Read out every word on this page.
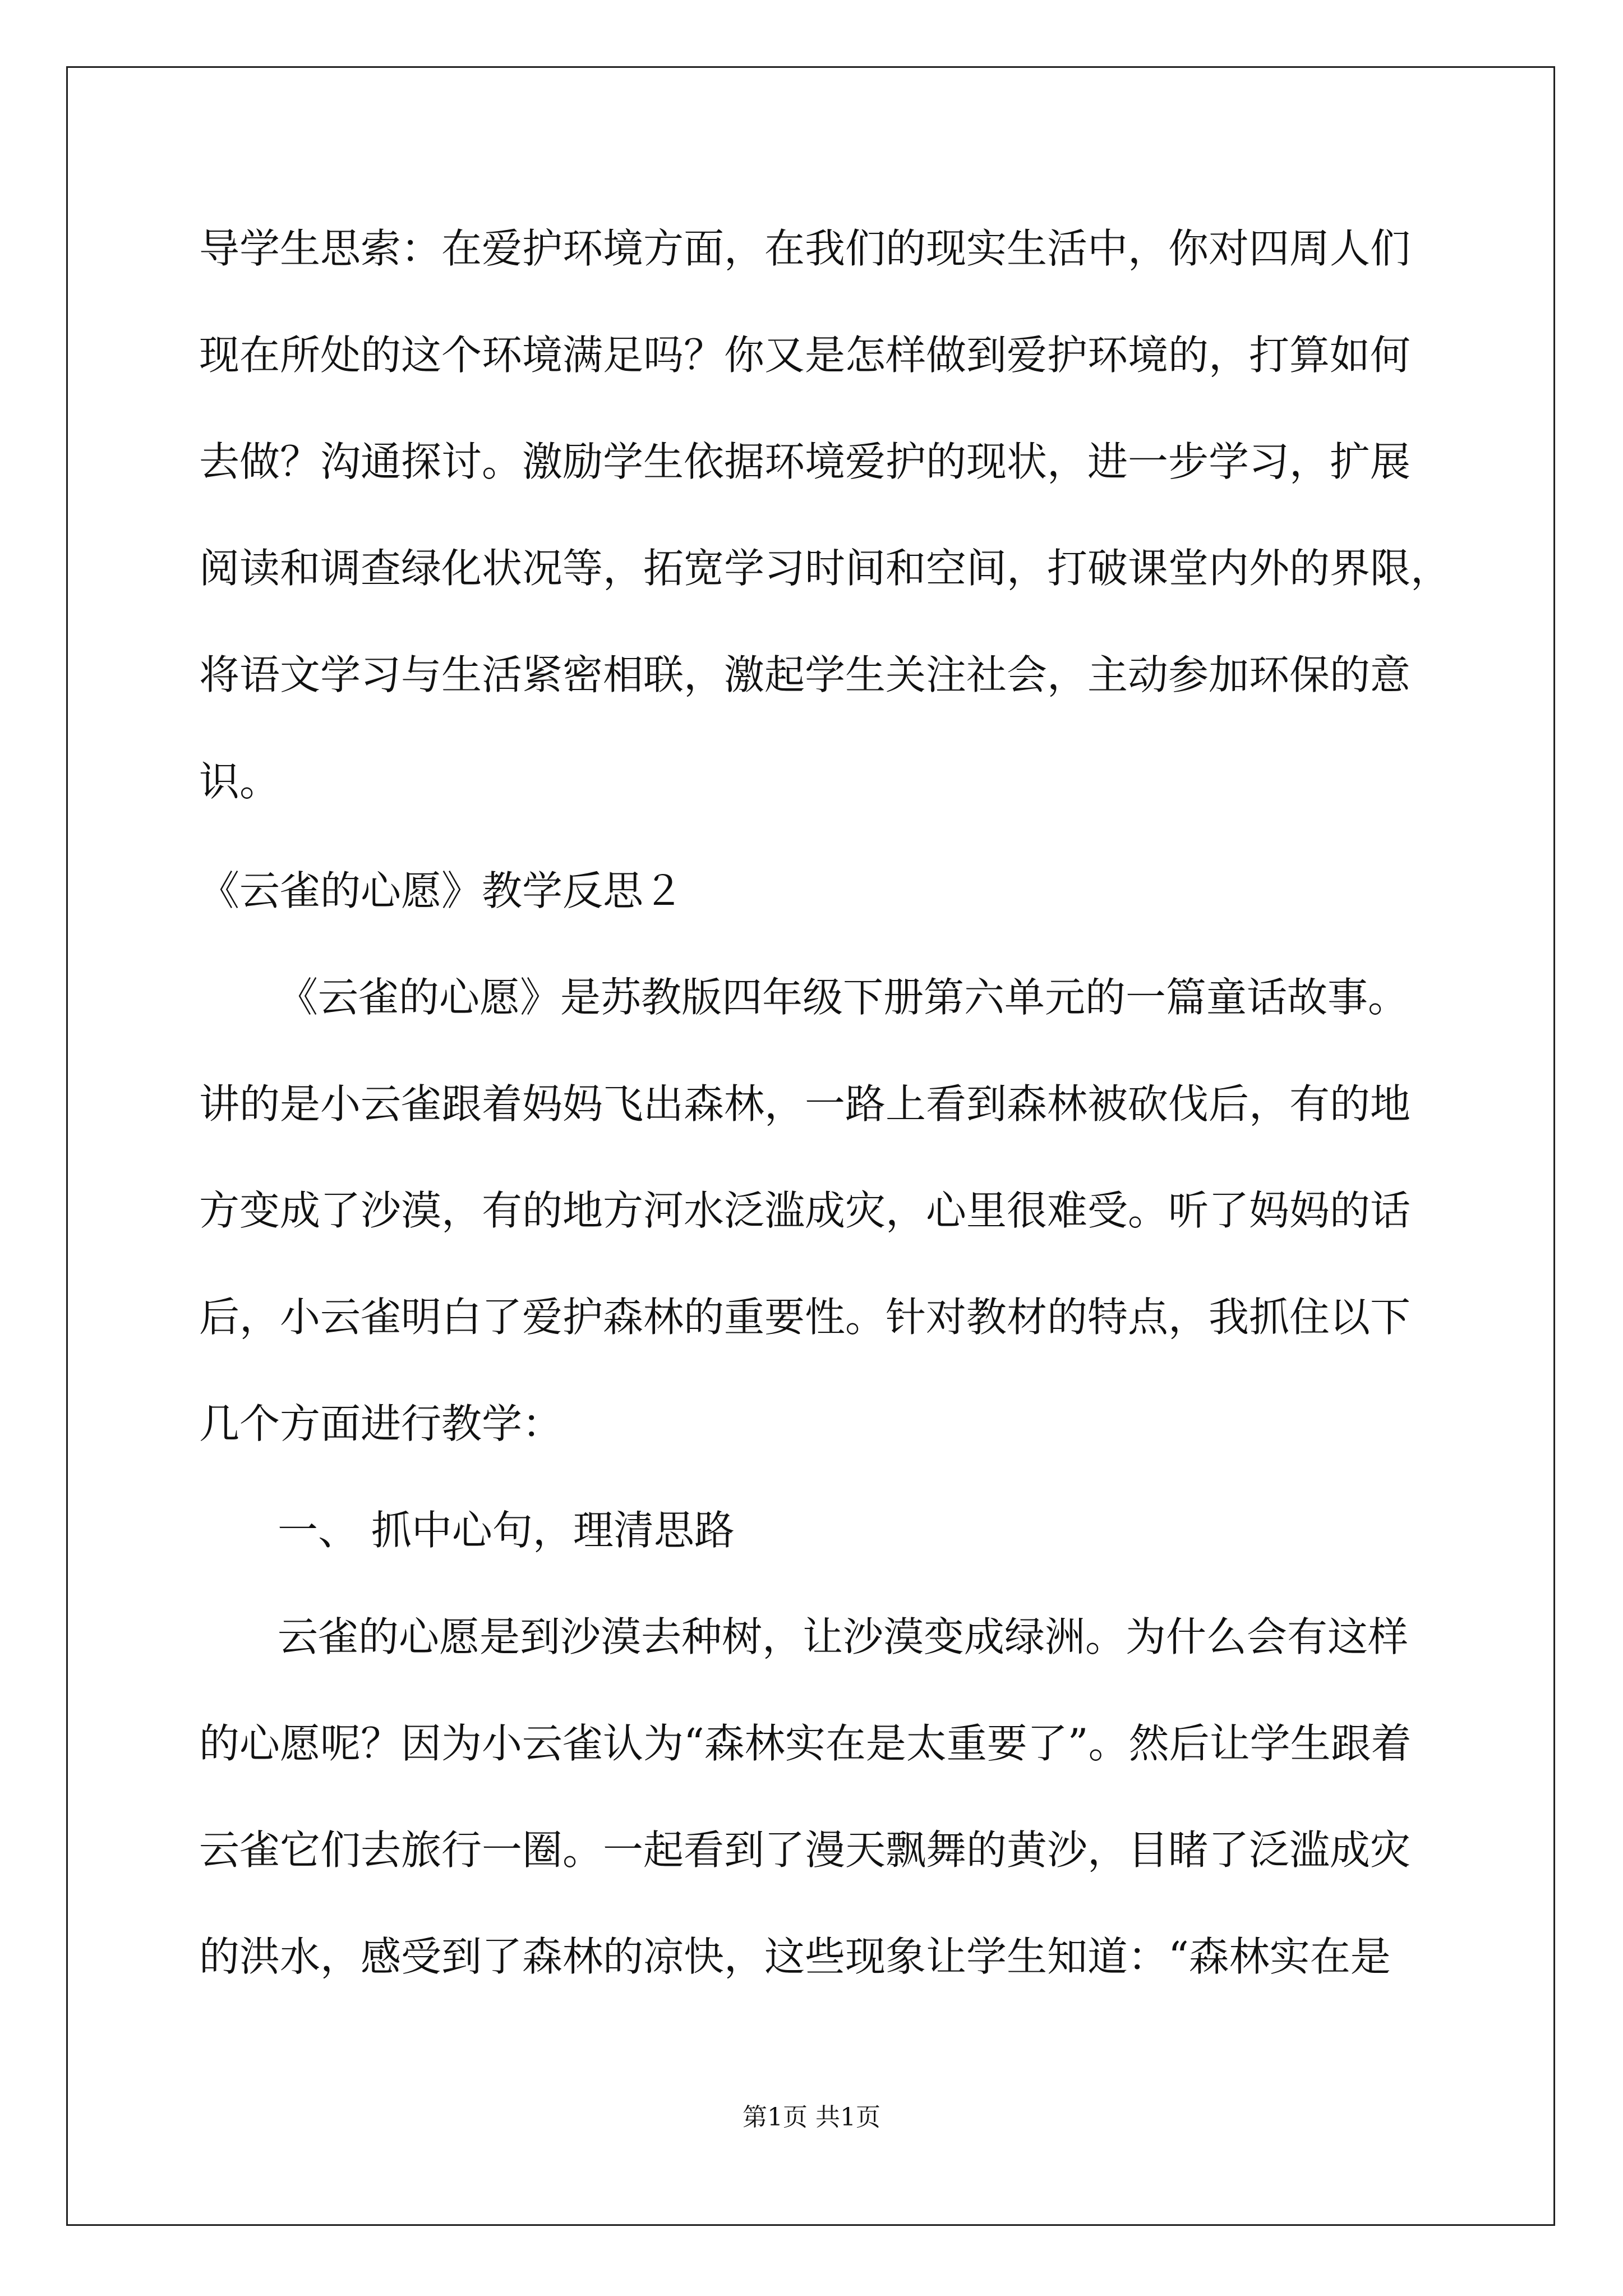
导学生思索：在爱护环境方面，在我们的现实生活中，你对四周人们
现在所处的这个环境满足吗？你又是怎样做到爱护环境的，打算如何
去做？沟通探讨。激励学生依据环境爱护的现状，进一步学习，扩展
阅读和调查绿化状况等，拓宽学习时间和空间，打破课堂内外的界限，
将语文学习与生活紧密相联，激起学生关注社会，主动参加环保的意
识。
《云雀的心愿》教学反思２
《云雀的心愿》是苏教版四年级下册第六单元的一篇童话故事。
讲的是小云雀跟着妈妈飞出森林，一路上看到森林被砍伐后，有的地
方变成了沙漠，有的地方河水泛滥成灾，心里很难受。听了妈妈的话
后，小云雀明白了爱护森林的重要性。针对教材的特点，我抓住以下
几个方面进行教学：
一、 抓中心句，理清思路
云雀的心愿是到沙漠去种树，让沙漠变成绿洲。为什么会有这样
的心愿呢？因为小云雀认为“森林实在是太重要了”。然后让学生跟着
云雀它们去旅行一圈。一起看到了漫天飘舞的黄沙，目睹了泛滥成灾
的洪水，感受到了森林的凉快，这些现象让学生知道：“森林实在是
第1页 共1页
